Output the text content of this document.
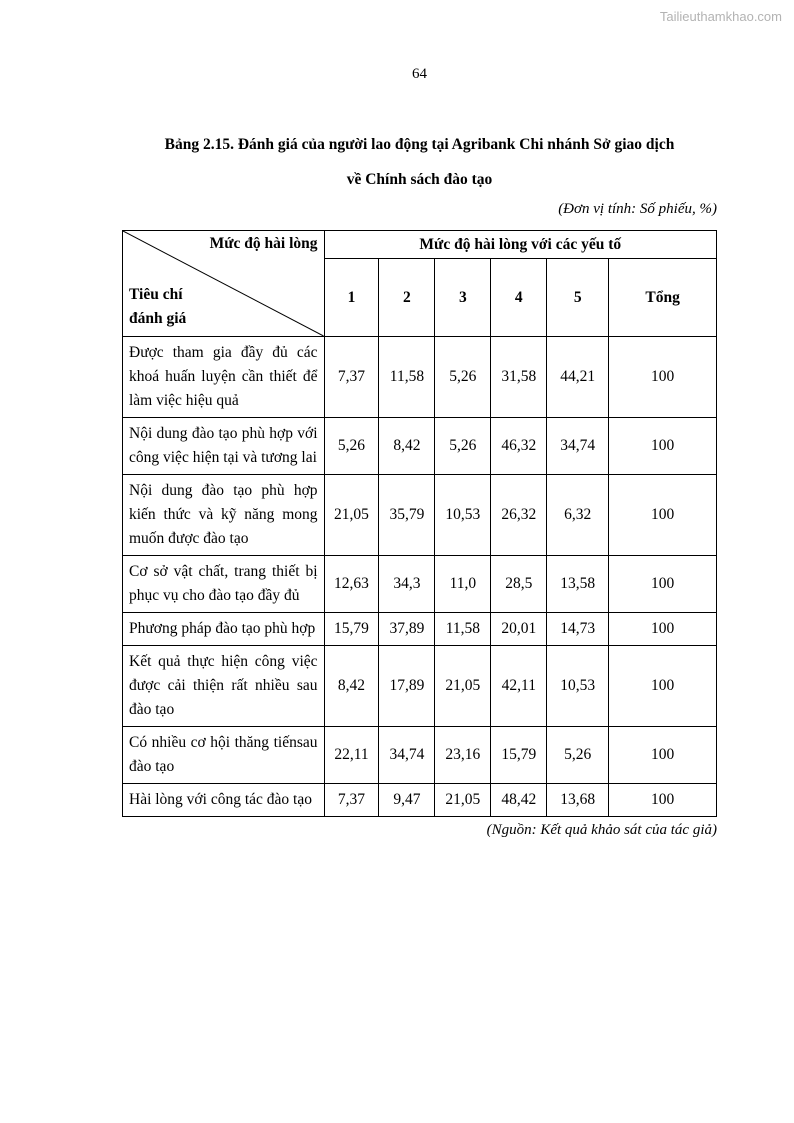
Tailieuthamkhao.com
64
Bảng 2.15. Đánh giá của người lao động tại Agribank Chi nhánh Sở giao dịch
về Chính sách đào tạo
(Đơn vị tính: Số phiếu, %)
Mức độ hài lòng
Tiêu chí
đánh giá	Mức độ hài lòng với các yếu tố					
	1	2	3	4	5	Tổng
Được tham gia đầy đủ các khoá huấn luyện cần thiết để làm việc hiệu quả	7,37	11,58	5,26	31,58	44,21	100
Nội dung đào tạo phù hợp với công việc hiện tại và tương lai	5,26	8,42	5,26	46,32	34,74	100
Nội dung đào tạo phù hợp kiến thức và kỹ năng mong muốn được đào tạo	21,05	35,79	10,53	26,32	6,32	100
Cơ sở vật chất, trang thiết bị phục vụ cho đào tạo đầy đủ	12,63	34,3	11,0	28,5	13,58	100
Phương pháp đào tạo phù hợp	15,79	37,89	11,58	20,01	14,73	100
Kết quả thực hiện công việc được cải thiện rất nhiều sau đào tạo	8,42	17,89	21,05	42,11	10,53	100
Có nhiều cơ hội thăng tiếnsau đào tạo	22,11	34,74	23,16	15,79	5,26	100
Hài lòng với công tác đào tạo	7,37	9,47	21,05	48,42	13,68	100
(Nguồn: Kết quả khảo sát của tác giả)
